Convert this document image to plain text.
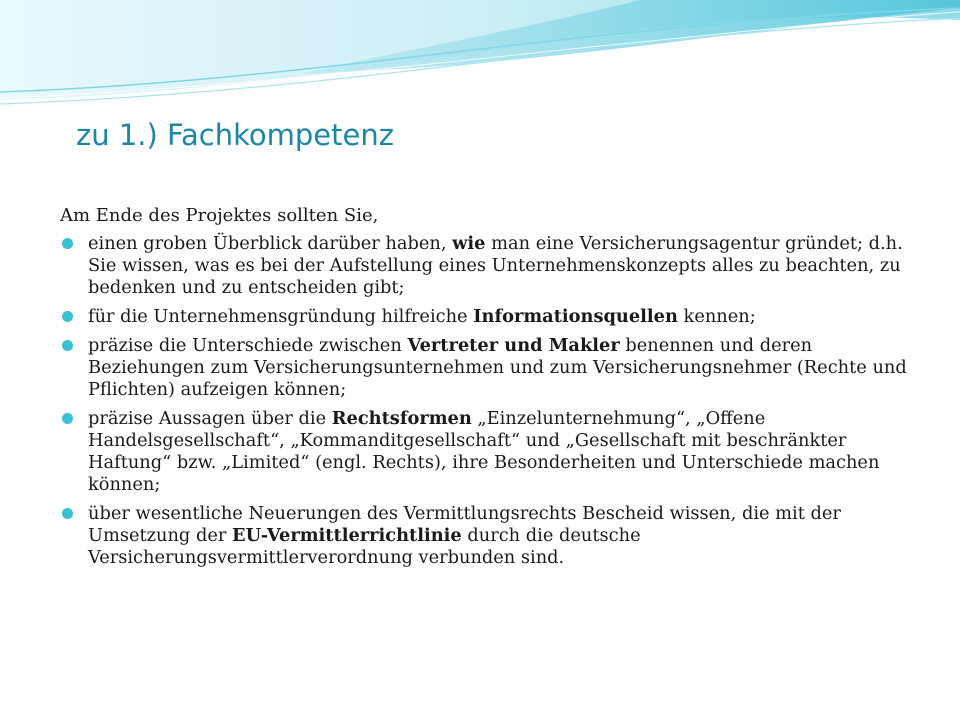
zu 1.) Fachkompetenz

Am Ende des Projektes sollten Sie,

einen groben Überblick darüber haben, wie man eine Versicherungsagentur gründet; d.h. Sie wissen, was es bei der Aufstellung eines Unternehmenskonzepts alles zu beachten, zu bedenken und zu entscheiden gibt;
für die Unternehmensgründung hilfreiche Informationsquellen kennen;
präzise die Unterschiede zwischen Vertreter und Makler benennen und deren Beziehungen zum Versicherungsunternehmen und zum Versicherungsnehmer (Rechte und Pflichten) aufzeigen können;
präzise Aussagen über die Rechtsformen „Einzelunternehmung“, „Offene Handelsgesellschaft“, „Kommanditgesellschaft“ und „Gesellschaft mit beschränkter Haftung“ bzw. „Limited“ (engl. Rechts), ihre Besonderheiten und Unterschiede machen können;
über wesentliche Neuerungen des Vermittlungsrechts Bescheid wissen, die mit der Umsetzung der EU-Vermittlerrichtlinie durch die deutsche Versicherungsvermittlerverordnung verbunden sind.
